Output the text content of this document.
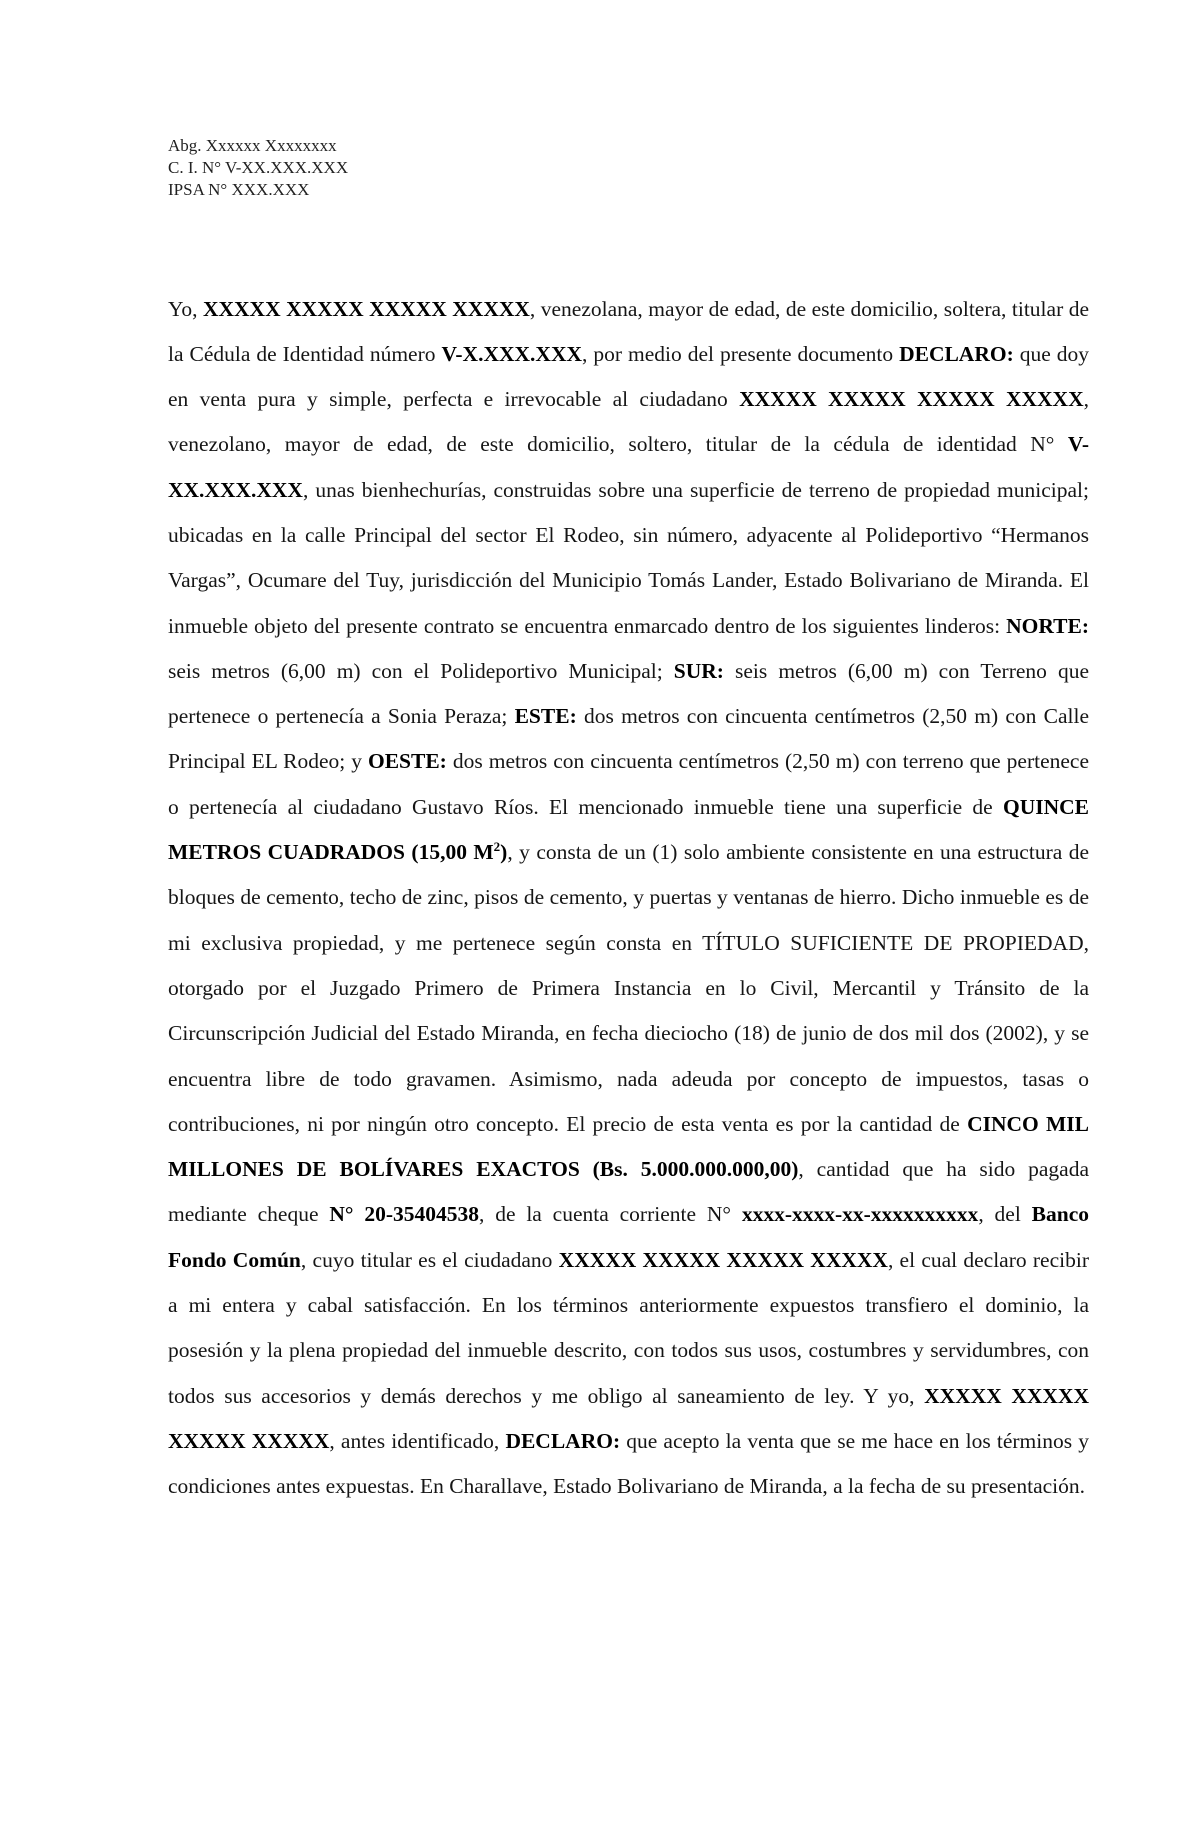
Abg. Xxxxxx Xxxxxxxx
C. I. N° V-XX.XXX.XXX
IPSA N° XXX.XXX

Yo, XXXXX XXXXX XXXXX XXXXX, venezolana, mayor de edad, de este domicilio, soltera, titular de la Cédula de Identidad número V-X.XXX.XXX, por medio del presente documento DECLARO: que doy en venta pura y simple, perfecta e irrevocable al ciudadano XXXXX XXXXX XXXXX XXXXX, venezolano, mayor de edad, de este domicilio, soltero, titular de la cédula de identidad N° V-XX.XXX.XXX, unas bienhechurías, construidas sobre una superficie de terreno de propiedad municipal; ubicadas en la calle Principal del sector El Rodeo, sin número, adyacente al Polideportivo “Hermanos Vargas”, Ocumare del Tuy, jurisdicción del Municipio Tomás Lander, Estado Bolivariano de Miranda. El inmueble objeto del presente contrato se encuentra enmarcado dentro de los siguientes linderos: NORTE: seis metros (6,00 m) con el Polideportivo Municipal; SUR: seis metros (6,00 m) con Terreno que pertenece o pertenecía a Sonia Peraza; ESTE: dos metros con cincuenta centímetros (2,50 m) con Calle Principal EL Rodeo; y OESTE: dos metros con cincuenta centímetros (2,50 m) con terreno que pertenece o pertenecía al ciudadano Gustavo Ríos. El mencionado inmueble tiene una superficie de QUINCE METROS CUADRADOS (15,00 $M^2$), y consta de un (1) solo ambiente consistente en una estructura de bloques de cemento, techo de zinc, pisos de cemento, y puertas y ventanas de hierro. Dicho inmueble es de mi exclusiva propiedad, y me pertenece según consta en TÍTULO SUFICIENTE DE PROPIEDAD, otorgado por el Juzgado Primero de Primera Instancia en lo Civil, Mercantil y Tránsito de la Circunscripción Judicial del Estado Miranda, en fecha dieciocho (18) de junio de dos mil dos (2002), y se encuentra libre de todo gravamen. Asimismo, nada adeuda por concepto de impuestos, tasas o contribuciones, ni por ningún otro concepto. El precio de esta venta es por la cantidad de CINCO MIL MILLONES DE BOLÍVARES EXACTOS (Bs. 5.000.000.000,00), cantidad que ha sido pagada mediante cheque N° 20-35404538, de la cuenta corriente N° xxxx-xxxx-xx-xxxxxxxxxx, del Banco Fondo Común, cuyo titular es el ciudadano XXXXX XXXXX XXXXX XXXXX, el cual declaro recibir a mi entera y cabal satisfacción. En los términos anteriormente expuestos transfiero el dominio, la posesión y la plena propiedad del inmueble descrito, con todos sus usos, costumbres y servidumbres, con todos sus accesorios y demás derechos y me obligo al saneamiento de ley. Y yo, XXXXX XXXXX XXXXX XXXXX, antes identificado, DECLARO: que acepto la venta que se me hace en los términos y condiciones antes expuestas. En Charallave, Estado Bolivariano de Miranda, a la fecha de su presentación.
